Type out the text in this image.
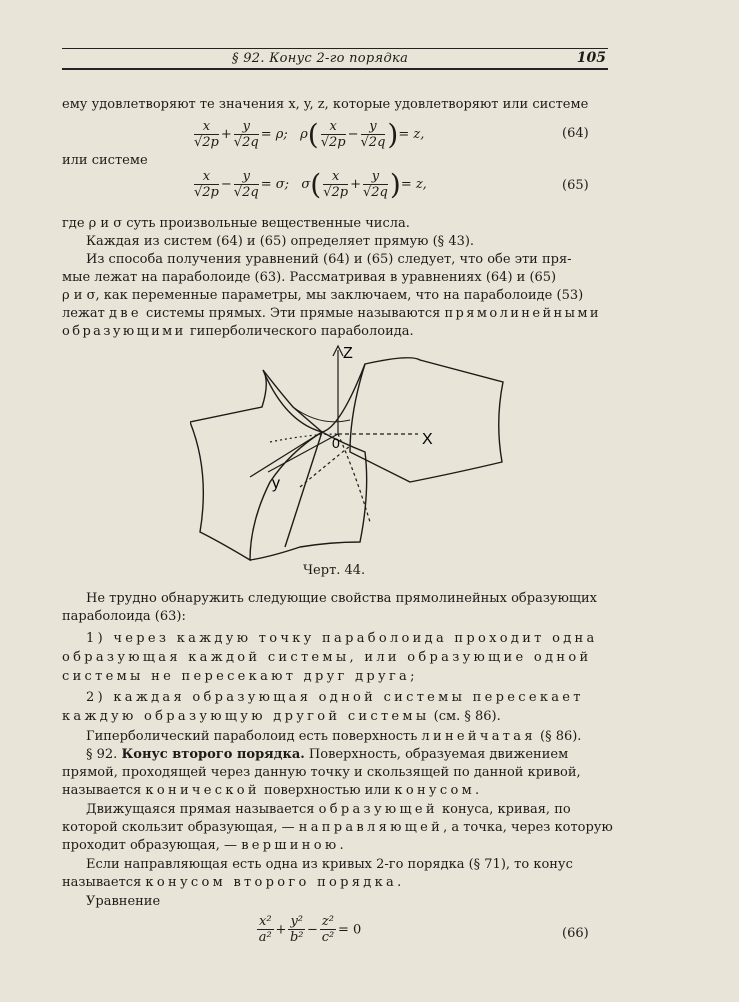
§ 92. Конус 2-го порядка	105
ему удовлетворяют те значения x, y, z, которые удовлетворяют или системе
$\frac{x}{√2p} + \frac{y}{√2q} = \rho$;   $\rho( \frac{x}{√2p} - \frac{y}{√2q}$ )= z,	(64)
или системе
$\frac{x}{√2p} - \frac{y}{√2q} = \sigma$;   $\sigma( \frac{x}{√2p} + \frac{y}{√2q}$ )= z,	(65)
где ρ и σ суть произвольные вещественные числа.
Каждая из систем (64) и (65) определяет прямую (§ 43).
Из способа получения уравнений (64) и (65) следует, что обе эти пря-
мые лежат на параболоиде (63). Рассматривая в уравнениях (64) и (65)
ρ и σ, как переменные параметры, мы заключаем, что на параболоиде (53)
лежат две системы прямых. Эти прямые называются прямолинейными
образующими гиперболического параболоида.
Z
X
y
0
Черт. 44.
Не трудно обнаружить следующие свойства прямолинейных образующих
параболоида (63):
1) через каждую точку параболоида проходит одна
образующая каждой системы, или образующие одной
системы не пересекают друг друга;
2) каждая образующая одной системы пересекает
каждую образующую другой системы (см. § 86).
Гиперболический параболоид есть поверхность линейчатая (§ 86).
§ 92. Конус второго порядка. Поверхность, образуемая движением
прямой, проходящей через данную точку и скользящей по данной кривой,
называется конической поверхностью или конусом.
Движущаяся прямая называется образующей конуса, кривая, по
которой скользит образующая, — направляющей, а точка, через которую
проходит образующая, — вершиною.
Если направляющая есть одна из кривых 2-го порядка (§ 71), то конус
называется конусом второго порядка.
Уравнение
$\frac{\text{x²}}{\text{a²}} + \frac{\text{y²}}{\text{b²}} - \frac{\text{z²}}{\text{c²}} = 0$	(66)
